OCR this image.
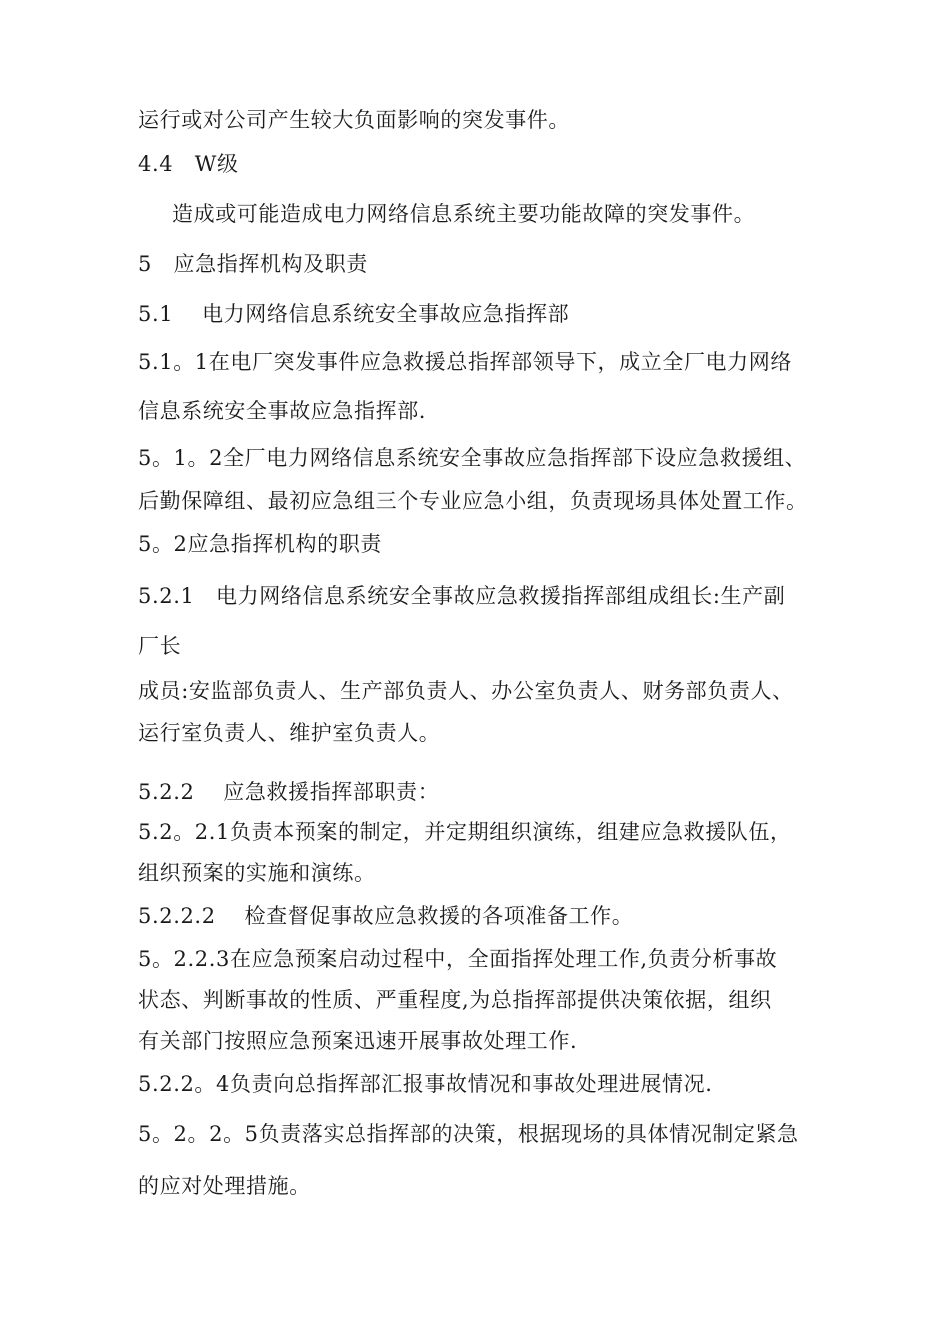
运行或对公司产生较大负面影响的突发事件。
4.4　W级
造成或可能造成电力网络信息系统主要功能故障的突发事件。
5　应急指挥机构及职责
5.1　 电力网络信息系统安全事故应急指挥部
5.1。1在电厂突发事件应急救援总指挥部领导下，成立全厂电力网络
信息系统安全事故应急指挥部.
5。1。2全厂电力网络信息系统安全事故应急指挥部下设应急救援组、
后勤保障组、最初应急组三个专业应急小组，负责现场具体处置工作。
5。2应急指挥机构的职责
5.2.1　电力网络信息系统安全事故应急救援指挥部组成组长:生产副
厂长
成员:安监部负责人、生产部负责人、办公室负责人、财务部负责人、
运行室负责人、维护室负责人。
5.2.2　 应急救援指挥部职责：
5.2。2.1负责本预案的制定，并定期组织演练，组建应急救援队伍，
组织预案的实施和演练。
5.2.2.2　 检查督促事故应急救援的各项准备工作。
5。2.2.3在应急预案启动过程中，全面指挥处理工作,负责分析事故
状态、判断事故的性质、严重程度,为总指挥部提供决策依据，组织
有关部门按照应急预案迅速开展事故处理工作.
5.2.2。4负责向总指挥部汇报事故情况和事故处理进展情况.
5。2。2。5负责落实总指挥部的决策，根据现场的具体情况制定紧急
的应对处理措施。
